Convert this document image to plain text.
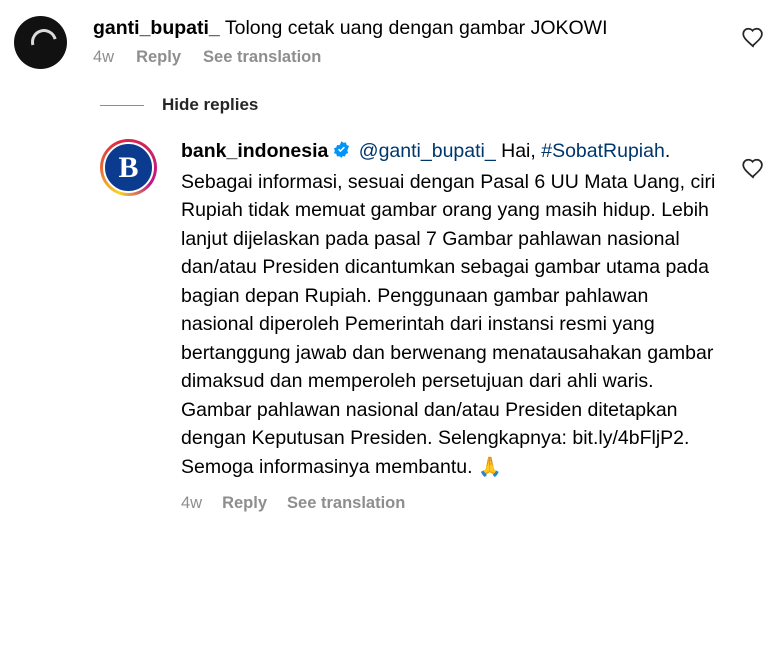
ganti_bupati_ Tolong cetak uang dengan gambar JOKOWI
4w Reply See translation
Hide replies
B bank_indonesia @ganti_bupati_ Hai, #SobatRupiah. Sebagai informasi, sesuai dengan Pasal 6 UU Mata Uang, ciri Rupiah tidak memuat gambar orang yang masih hidup. Lebih lanjut dijelaskan pada pasal 7 Gambar pahlawan nasional dan/atau Presiden dicantumkan sebagai gambar utama pada bagian depan Rupiah. Penggunaan gambar pahlawan nasional diperoleh Pemerintah dari instansi resmi yang bertanggung jawab dan berwenang menatausahakan gambar dimaksud dan memperoleh persetujuan dari ahli waris. Gambar pahlawan nasional dan/atau Presiden ditetapkan dengan Keputusan Presiden. Selengkapnya: bit.ly/4bFljP2.
Semoga informasinya membantu. 🙏
4w Reply See translation
